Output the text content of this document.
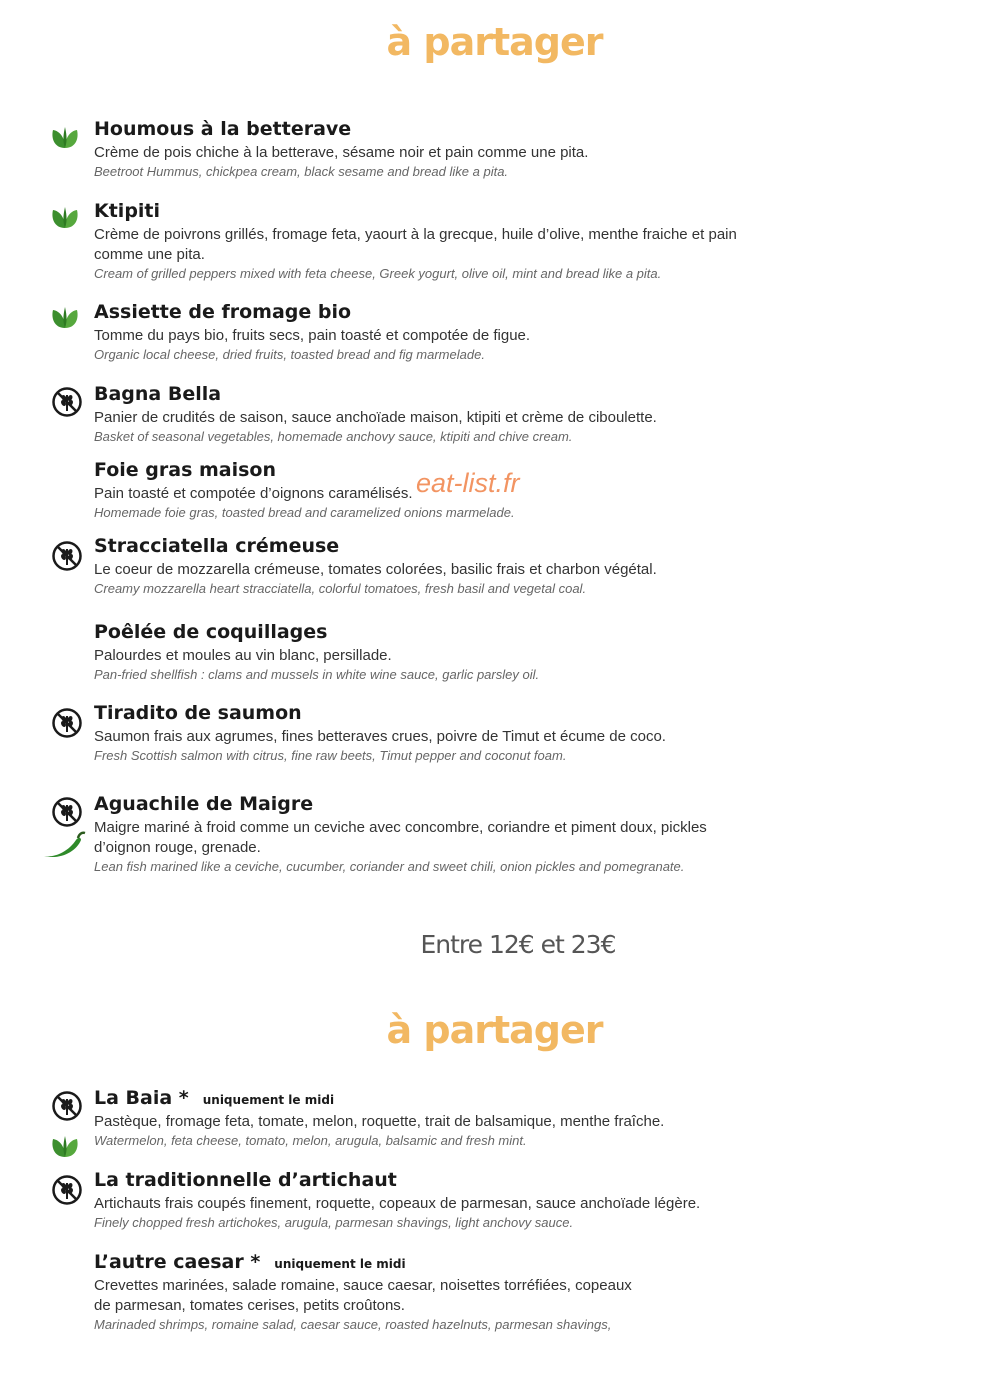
à partager
Houmous à la betterave
Crème de pois chiche à la betterave, sésame noir et pain comme une pita.
Beetroot Hummus, chickpea cream, black sesame and bread like a pita.
Ktipiti
Crème de poivrons grillés, fromage feta, yaourt à la grecque, huile d’olive, menthe fraiche et pain comme une pita.
Cream of grilled peppers mixed with feta cheese, Greek yogurt, olive oil, mint and bread like a pita.
Assiette de fromage bio
Tomme du pays bio, fruits secs, pain toasté et compotée de figue.
Organic local cheese, dried fruits, toasted bread and fig marmelade.
Bagna Bella
Panier de crudités de saison, sauce anchoïade maison, ktipiti et crème de ciboulette.
Basket of seasonal vegetables, homemade anchovy sauce, ktipiti and chive cream.
Foie gras maison
Pain toasté et compotée d’oignons caramélisés.
Homemade foie gras, toasted bread and caramelized onions marmelade.
Stracciatella crémeuse
Le coeur de mozzarella crémeuse, tomates colorées, basilic frais et charbon végétal.
Creamy mozzarella heart stracciatella, colorful tomatoes, fresh basil and vegetal coal.
Poêlée de coquillages
Palourdes et moules au vin blanc, persillade.
Pan-fried shellfish : clams and mussels in white wine sauce, garlic parsley oil.
Tiradito de saumon
Saumon frais aux agrumes, fines betteraves crues, poivre de Timut et écume de coco.
Fresh Scottish salmon with citrus, fine raw beets, Timut pepper and coconut foam.
Aguachile de Maigre
Maigre mariné à froid comme un ceviche avec concombre, coriandre et piment doux, pickles d’oignon rouge, grenade.
Lean fish marined like a ceviche, cucumber, coriander and sweet chili, onion pickles and pomegranate.
Entre 12€ et 23€
à partager
La Baia * uniquement le midi
Pastèque, fromage feta, tomate, melon, roquette, trait de balsamique, menthe fraîche.
Watermelon, feta cheese, tomato, melon, arugula, balsamic and fresh mint.
La traditionnelle d’artichaut
Artichauts frais coupés finement, roquette, copeaux de parmesan, sauce anchoïade légère.
Finely chopped fresh artichokes, arugula, parmesan shavings, light anchovy sauce.
L’autre caesar * uniquement le midi
Crevettes marinées, salade romaine, sauce caesar, noisettes torréfiées, copeaux de parmesan, tomates cerises, petits croûtons.
Marinaded shrimps, romaine salad, caesar sauce, roasted hazelnuts, parmesan shavings,
eat-list.fr
